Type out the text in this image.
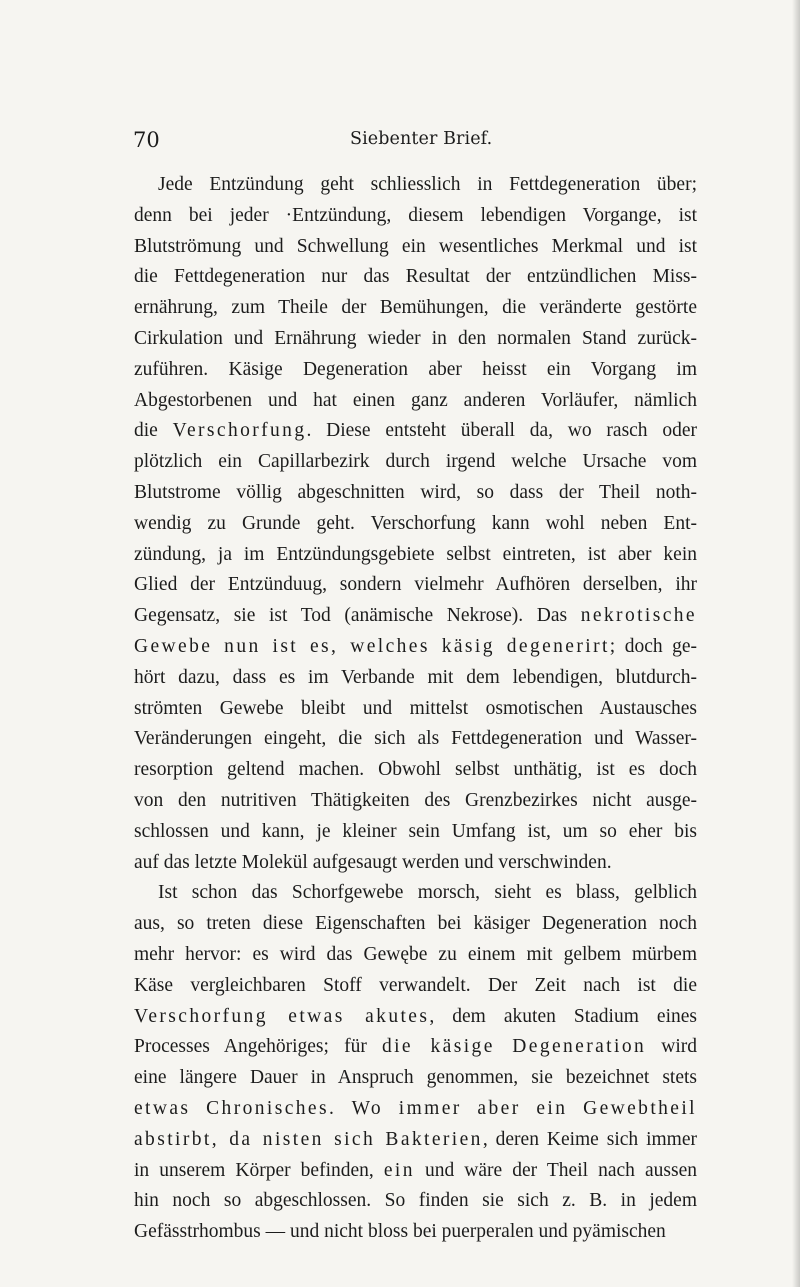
70	Siebenter Brief.
Jede Entzündung geht schliesslich in Fettdegeneration über;
denn bei jeder ·Entzündung, diesem lebendigen Vorgange, ist
Blutströmung und Schwellung ein wesentliches Merkmal und ist
die Fettdegeneration nur das Resultat der entzündlichen Miss-
ernährung, zum Theile der Bemühungen, die veränderte gestörte
Cirkulation und Ernährung wieder in den normalen Stand zurück-
zuführen. Käsige Degeneration aber heisst ein Vorgang im
Abgestorbenen und hat einen ganz anderen Vorläufer, nämlich
die Verschorfung. Diese entsteht überall da, wo rasch oder
plötzlich ein Capillarbezirk durch irgend welche Ursache vom
Blutstrome völlig abgeschnitten wird, so dass der Theil noth-
wendig zu Grunde geht. Verschorfung kann wohl neben Ent-
zündung, ja im Entzündungsgebiete selbst eintreten, ist aber kein
Glied der Entzünduug, sondern vielmehr Aufhören derselben, ihr
Gegensatz, sie ist Tod (anämische Nekrose). Das nekrotische
Gewebe nun ist es, welches käsig degenerirt; doch ge-
hört dazu, dass es im Verbande mit dem lebendigen, blutdurch-
strömten Gewebe bleibt und mittelst osmotischen Austausches
Veränderungen eingeht, die sich als Fettdegeneration und Wasser-
resorption geltend machen. Obwohl selbst unthätig, ist es doch
von den nutritiven Thätigkeiten des Grenzbezirkes nicht ausge-
schlossen und kann, je kleiner sein Umfang ist, um so eher bis
auf das letzte Molekül aufgesaugt werden und verschwinden.
Ist schon das Schorfgewebe morsch, sieht es blass, gelblich
aus, so treten diese Eigenschaften bei käsiger Degeneration noch
mehr hervor: es wird das Gewębe zu einem mit gelbem mürbem
Käse vergleichbaren Stoff verwandelt. Der Zeit nach ist die
Verschorfung etwas akutes, dem akuten Stadium eines
Processes Angehöriges; für die käsige Degeneration wird
eine längere Dauer in Anspruch genommen, sie bezeichnet stets
etwas Chronisches. Wo immer aber ein Gewebtheil
abstirbt, da nisten sich Bakterien, deren Keime sich immer
in unserem Körper befinden, ein und wäre der Theil nach aussen
hin noch so abgeschlossen. So finden sie sich z. B. in jedem
Gefässtrhombus — und nicht bloss bei puerperalen und pyämischen
